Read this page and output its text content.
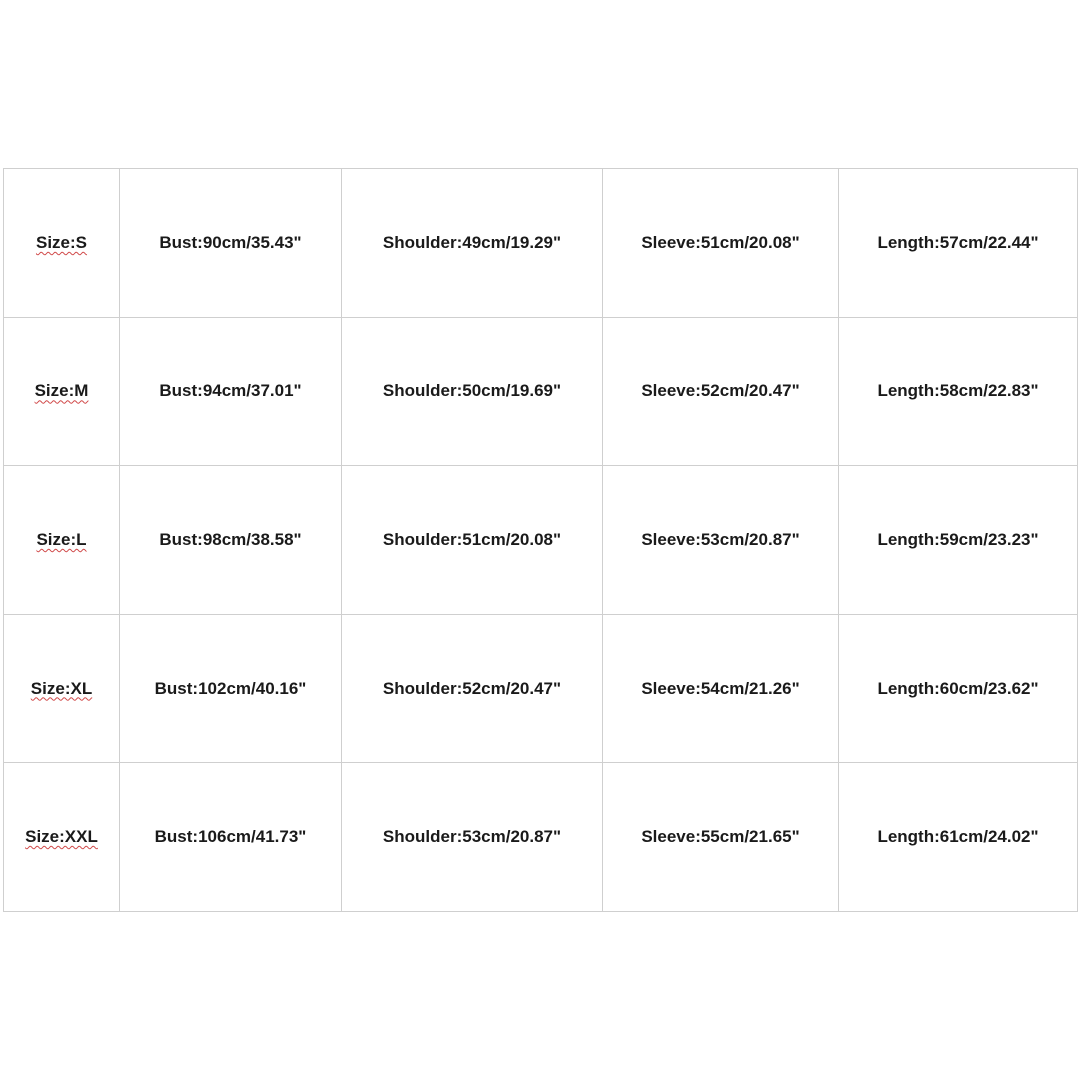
Size:S	Bust:90cm/35.43"	Shoulder:49cm/19.29"	Sleeve:51cm/20.08"	Length:57cm/22.44"
Size:M	Bust:94cm/37.01"	Shoulder:50cm/19.69"	Sleeve:52cm/20.47"	Length:58cm/22.83"
Size:L	Bust:98cm/38.58"	Shoulder:51cm/20.08"	Sleeve:53cm/20.87"	Length:59cm/23.23"
Size:XL	Bust:102cm/40.16"	Shoulder:52cm/20.47"	Sleeve:54cm/21.26"	Length:60cm/23.62"
Size:XXL	Bust:106cm/41.73"	Shoulder:53cm/20.87"	Sleeve:55cm/21.65"	Length:61cm/24.02"
